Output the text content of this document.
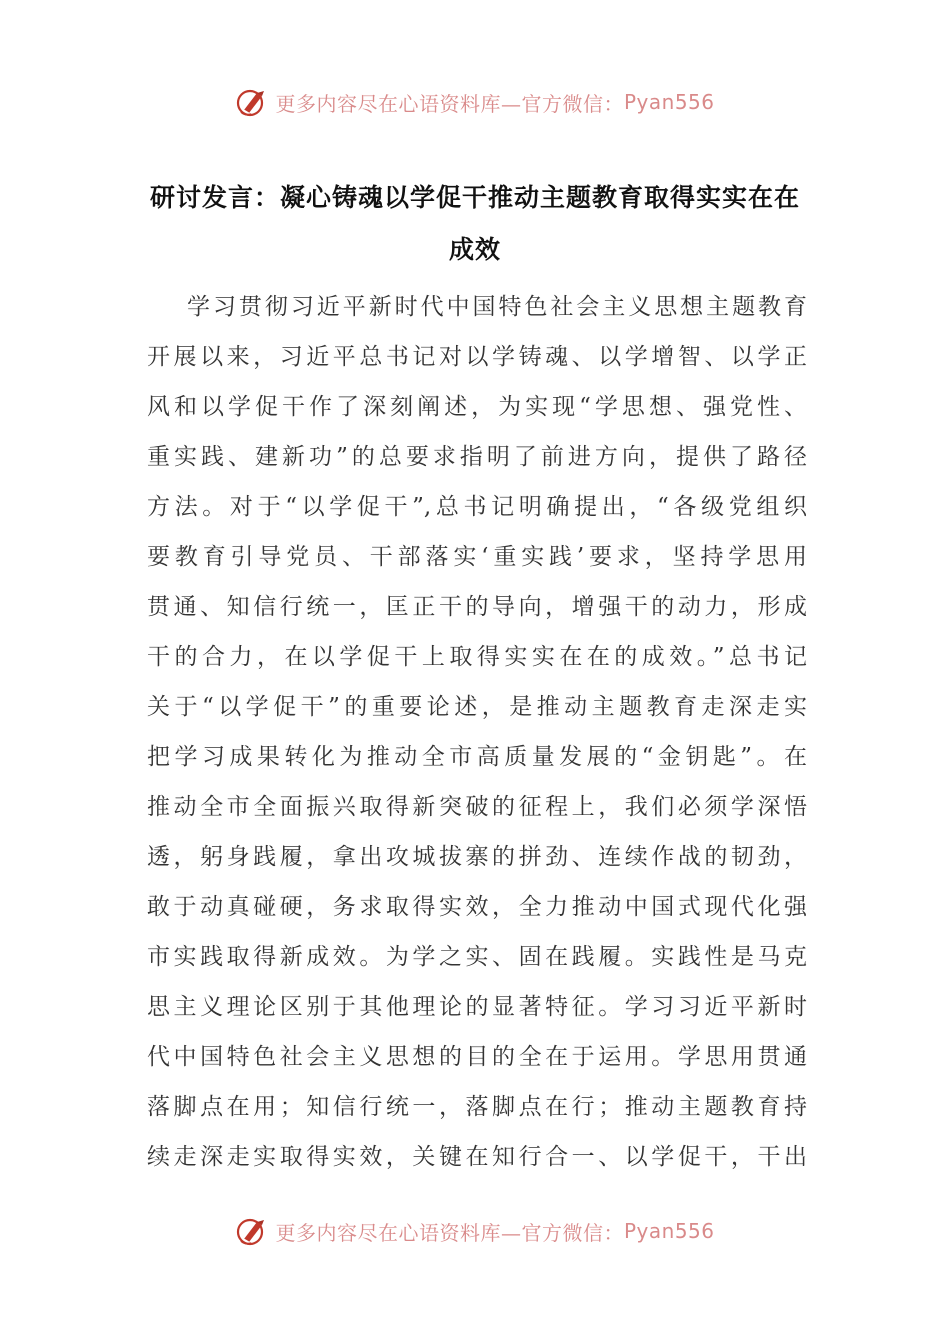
更多内容尽在心语资料库—官方微信： Pyan556
研讨发言：凝心铸魂以学促干推动主题教育取得实实在在
成效
学习贯彻习近平新时代中国特色社会主义思想主题教育
开展以来，习近平总书记对以学铸魂、以学增智、以学正
风和以学促干作了深刻阐述，为实现“学思想、强党性、
重实践、建新功”的总要求指明了前进方向，提供了路径
方法。对于“以学促干”,总书记明确提出，“各级党组织
要教育引导党员、干部落实‘重实践’要求，坚持学思用
贯通、知信行统一，匡正干的导向，增强干的动力，形成
干的合力，在以学促干上取得实实在在的成效。”总书记
关于“以学促干”的重要论述，是推动主题教育走深走实
把学习成果转化为推动全市高质量发展的“金钥匙”。在
推动全市全面振兴取得新突破的征程上，我们必须学深悟
透，躬身践履，拿出攻城拔寨的拼劲、连续作战的韧劲，
敢于动真碰硬，务求取得实效，全力推动中国式现代化强
市实践取得新成效。为学之实、固在践履。实践性是马克
思主义理论区别于其他理论的显著特征。学习习近平新时
代中国特色社会主义思想的目的全在于运用。学思用贯通
落脚点在用；知信行统一，落脚点在行；推动主题教育持
续走深走实取得实效，关键在知行合一、以学促干，干出
更多内容尽在心语资料库—官方微信： Pyan556
